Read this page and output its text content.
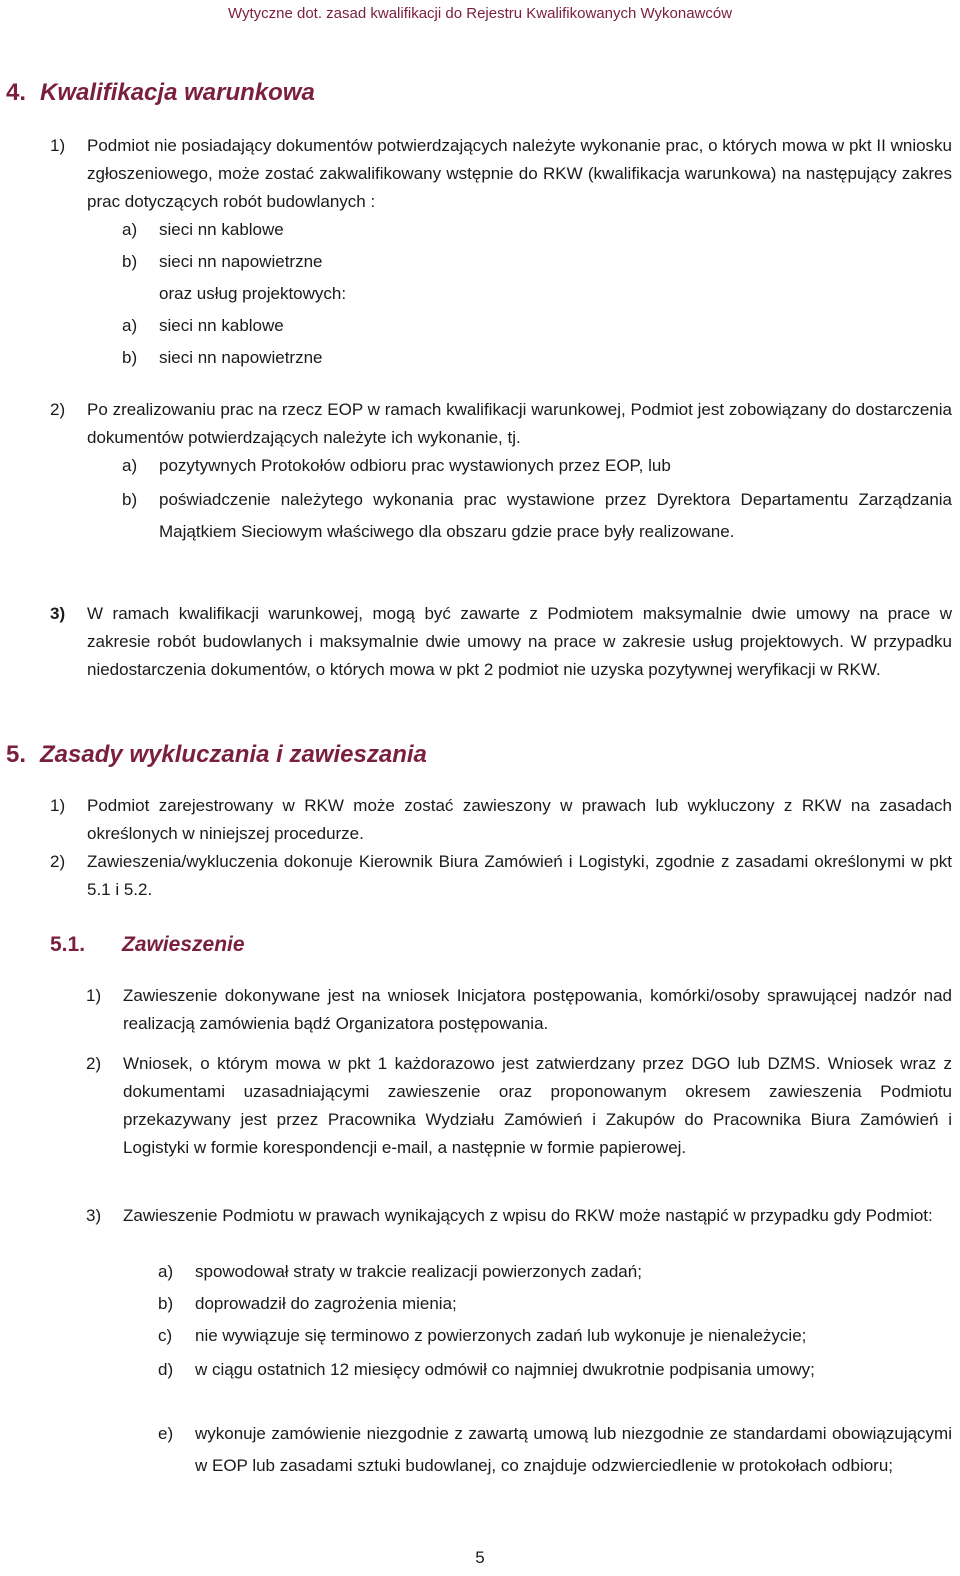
Wytyczne dot. zasad kwalifikacji do Rejestru Kwalifikowanych Wykonawców
4. Kwalifikacja warunkowa
1) Podmiot nie posiadający dokumentów potwierdzających należyte wykonanie prac, o których mowa w pkt II wniosku zgłoszeniowego, może zostać zakwalifikowany wstępnie do RKW (kwalifikacja warunkowa) na następujący zakres prac dotyczących robót budowlanych :
a) sieci nn kablowe
b) sieci nn napowietrzne
oraz usług projektowych:
a) sieci nn kablowe
b) sieci nn napowietrzne
2) Po zrealizowaniu prac na rzecz EOP w ramach kwalifikacji warunkowej, Podmiot jest zobowiązany do dostarczenia dokumentów potwierdzających należyte ich wykonanie, tj.
a) pozytywnych Protokołów odbioru prac wystawionych przez EOP, lub
b) poświadczenie należytego wykonania prac wystawione przez Dyrektora Departamentu Zarządzania Majątkiem Sieciowym właściwego dla obszaru gdzie prace były realizowane.
3) W ramach kwalifikacji warunkowej, mogą być zawarte z Podmiotem maksymalnie dwie umowy na prace w zakresie robót budowlanych i maksymalnie dwie umowy na prace w zakresie usług projektowych. W przypadku niedostarczenia dokumentów, o których mowa w pkt 2 podmiot nie uzyska pozytywnej weryfikacji w RKW.
5. Zasady wykluczania i zawieszania
1) Podmiot zarejestrowany w RKW może zostać zawieszony w prawach lub wykluczony z RKW na zasadach określonych w niniejszej procedurze.
2) Zawieszenia/wykluczenia dokonuje Kierownik Biura Zamówień i Logistyki, zgodnie z zasadami określonymi w pkt 5.1 i 5.2.
5.1. Zawieszenie
1) Zawieszenie dokonywane jest na wniosek Inicjatora postępowania, komórki/osoby sprawującej nadzór nad realizacją zamówienia bądź Organizatora postępowania.
2) Wniosek, o którym mowa w pkt 1 każdorazowo jest zatwierdzany przez DGO lub DZMS. Wniosek wraz z dokumentami uzasadniającymi zawieszenie oraz proponowanym okresem zawieszenia Podmiotu przekazywany jest przez Pracownika Wydziału Zamówień i Zakupów do Pracownika Biura Zamówień i Logistyki w formie korespondencji e-mail, a następnie w formie papierowej.
3) Zawieszenie Podmiotu w prawach wynikających z wpisu do RKW może nastąpić w przypadku gdy Podmiot:
a) spowodował straty w trakcie realizacji powierzonych zadań;
b) doprowadził do zagrożenia mienia;
c) nie wywiązuje się terminowo z powierzonych zadań lub wykonuje je nienależycie;
d) w ciągu ostatnich 12 miesięcy odmówił co najmniej dwukrotnie podpisania umowy;
e) wykonuje zamówienie niezgodnie z zawartą umową lub niezgodnie ze standardami obowiązującymi w EOP lub zasadami sztuki budowlanej, co znajduje odzwierciedlenie w protokołach odbioru;
5
